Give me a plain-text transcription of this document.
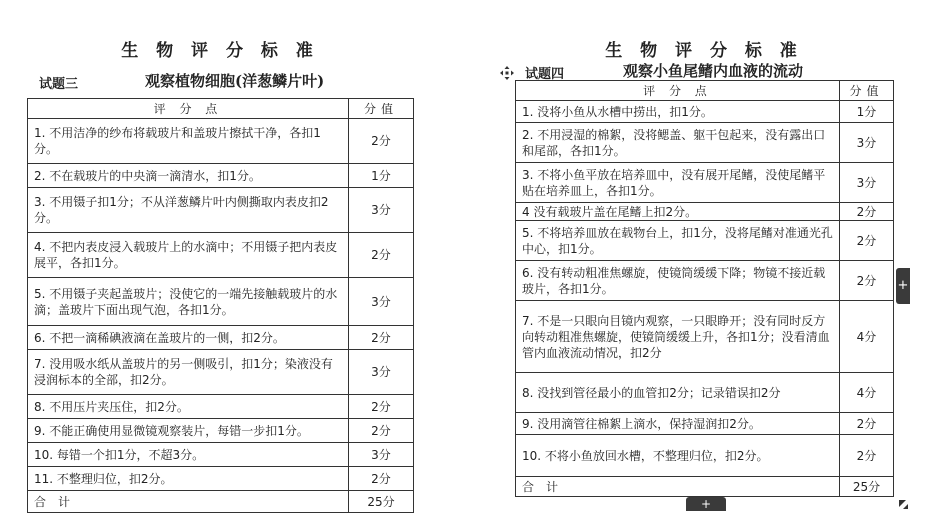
生 物 评 分 标 准
试题三	观察植物细胞(洋葱鳞片叶)
评 分 点	分值
1. 不用洁净的纱布将载玻片和盖玻片擦拭干净，各扣1分。	2分
2. 不在载玻片的中央滴一滴清水，扣1分。	1分
3. 不用镊子扣1分；不从洋葱鳞片叶内侧撕取内表皮扣2分。	3分
4. 不把内表皮浸入载玻片上的水滴中；不用镊子把内表皮展平，各扣1分。	2分
5. 不用镊子夹起盖玻片；没使它的一端先接触载玻片的水滴；盖玻片下面出现气泡，各扣1分。	3分
6. 不把一滴稀碘液滴在盖玻片的一侧，扣2分。	2分
7. 没用吸水纸从盖玻片的另一侧吸引，扣1分；染液没有浸润标本的全部，扣2分。	3分
8. 不用压片夹压住，扣2分。	2分
9. 不能正确使用显微镜观察装片，每错一步扣1分。	2分
10. 每错一个扣1分，不超3分。	3分
11. 不整理归位，扣2分。	2分
合　计	25分
生 物 评 分 标 准
试题四	观察小鱼尾鳍内血液的流动
评 分 点	分值
1. 没将小鱼从水槽中捞出，扣1分。	1分
2. 不用浸湿的棉絮，没将鳃盖、躯干包起来，没有露出口和尾部，各扣1分。	3分
3. 不将小鱼平放在培养皿中，没有展开尾鳍，没使尾鳍平贴在培养皿上，各扣1分。	3分
4 没有载玻片盖在尾鳍上扣2分。	2分
5. 不将培养皿放在载物台上，扣1分，没将尾鳍对准通光孔中心，扣1分。	2分
6. 没有转动粗准焦螺旋，使镜筒缓缓下降；物镜不接近载玻片，各扣1分。	2分
7. 不是一只眼向目镜内观察，一只眼睁开；没有同时反方向转动粗准焦螺旋，使镜筒缓缓上升，各扣1分；没看清血管内血液流动情况，扣2分	4分
8. 没找到管径最小的血管扣2分；记录错误扣2分	4分
9. 没用滴管往棉絮上滴水，保持湿润扣2分。	2分
10. 不将小鱼放回水槽，不整理归位，扣2分。	2分
合　计	25分
+
+
